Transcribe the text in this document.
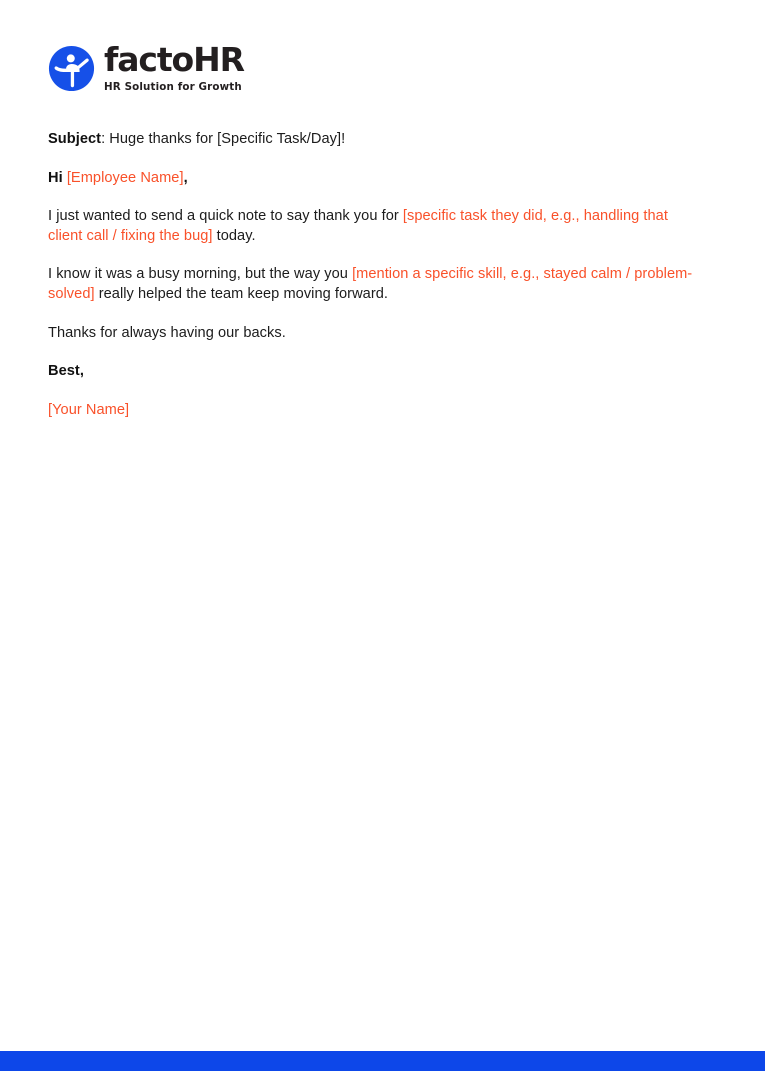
factoHR
HR Solution for Growth

Subject: Huge thanks for [Specific Task/Day]!

Hi [Employee Name],

I just wanted to send a quick note to say thank you for [specific task they did, e.g., handling that client call / fixing the bug] today.

I know it was a busy morning, but the way you [mention a specific skill, e.g., stayed calm / problem-solved] really helped the team keep moving forward.

Thanks for always having our backs.

Best,

[Your Name]
